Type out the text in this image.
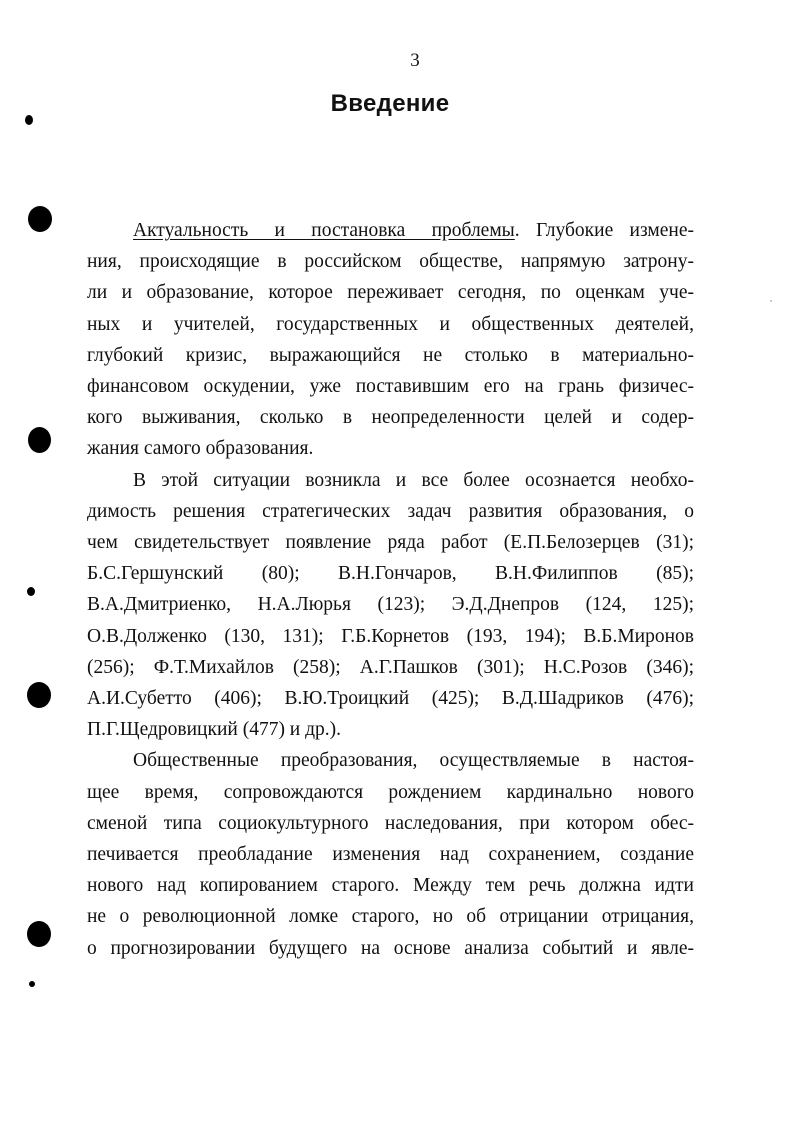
3
Введение
Актуальность и постановка проблемы. Глубокие измене-
ния, происходящие в российском обществе, напрямую затрону-
ли и образование, которое переживает сегодня, по оценкам уче-
ных и учителей, государственных и общественных деятелей,
глубокий кризис, выражающийся не столько в материально-
финансовом оскудении, уже поставившим его на грань физичес-
кого выживания, сколько в неопределенности целей и содер-
жания самого образования.
В этой ситуации возникла и все более осознается необхо-
димость решения стратегических задач развития образования, о
чем свидетельствует появление ряда работ (Е.П.Белозерцев (31);
Б.С.Гершунский (80); В.Н.Гончаров, В.Н.Филиппов (85);
В.А.Дмитриенко, Н.А.Люрья (123); Э.Д.Днепров (124, 125);
О.В.Долженко (130, 131); Г.Б.Корнетов (193, 194); В.Б.Миронов
(256); Ф.Т.Михайлов (258); А.Г.Пашков (301); Н.С.Розов (346);
А.И.Субетто (406); В.Ю.Троицкий (425); В.Д.Шадриков (476);
П.Г.Щедровицкий (477) и др.).
Общественные преобразования, осуществляемые в настоя-
щее время, сопровождаются рождением кардинально нового
сменой типа социокультурного наследования, при котором обес-
печивается преобладание изменения над сохранением, создание
нового над копированием старого. Между тем речь должна идти
не о революционной ломке старого, но об отрицании отрицания,
о прогнозировании будущего на основе анализа событий и явле-
